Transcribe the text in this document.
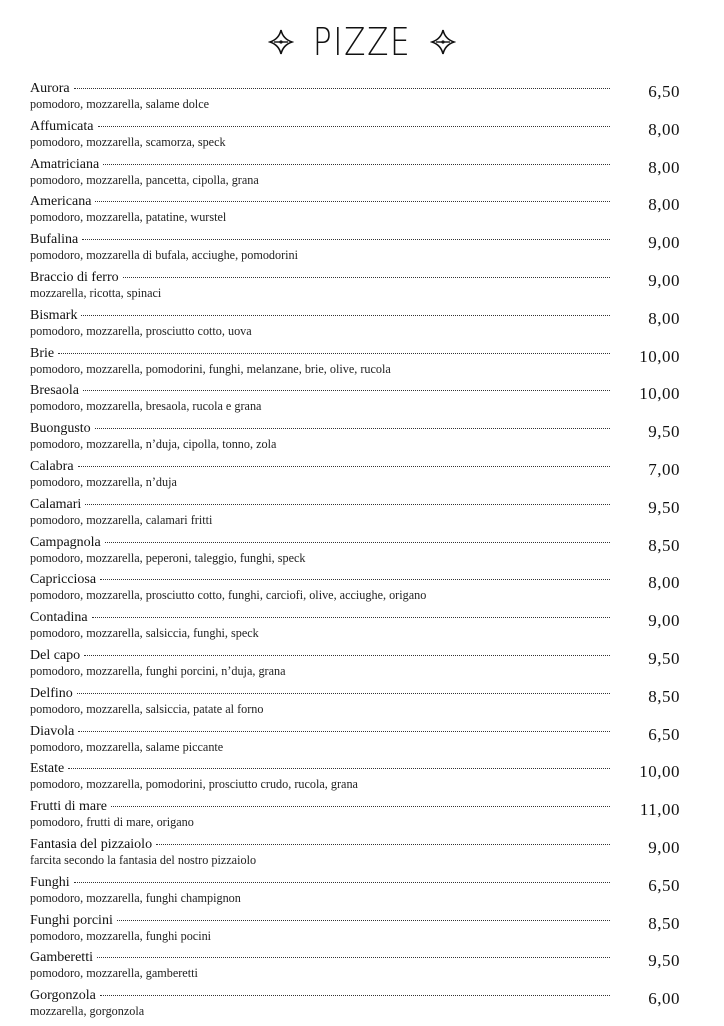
PIZZE
Aurora	6,50
pomodoro, mozzarella, salame dolce
Affumicata	8,00
pomodoro, mozzarella, scamorza, speck
Amatriciana	8,00
pomodoro, mozzarella, pancetta, cipolla, grana
Americana	8,00
pomodoro, mozzarella, patatine, wurstel
Bufalina	9,00
pomodoro, mozzarella di bufala, acciughe, pomodorini
Braccio di ferro	9,00
mozzarella, ricotta, spinaci
Bismark	8,00
pomodoro, mozzarella, prosciutto cotto, uova
Brie	10,00
pomodoro, mozzarella, pomodorini, funghi, melanzane, brie, olive, rucola
Bresaola	10,00
pomodoro, mozzarella, bresaola, rucola e grana
Buongusto	9,50
pomodoro, mozzarella, n’duja, cipolla, tonno, zola
Calabra	7,00
pomodoro, mozzarella, n’duja
Calamari	9,50
pomodoro, mozzarella, calamari fritti
Campagnola	8,50
pomodoro, mozzarella, peperoni, taleggio, funghi, speck
Capricciosa	8,00
pomodoro, mozzarella, prosciutto cotto, funghi, carciofi, olive, acciughe, origano
Contadina	9,00
pomodoro, mozzarella, salsiccia, funghi, speck
Del capo	9,50
pomodoro, mozzarella, funghi porcini, n’duja, grana
Delfino	8,50
pomodoro, mozzarella, salsiccia, patate al forno
Diavola	6,50
pomodoro, mozzarella, salame piccante
Estate	10,00
pomodoro, mozzarella, pomodorini, prosciutto crudo, rucola, grana
Frutti di mare	11,00
pomodoro, frutti di mare, origano
Fantasia del pizzaiolo	9,00
farcita secondo la fantasia del nostro pizzaiolo
Funghi	6,50
pomodoro, mozzarella, funghi champignon
Funghi porcini	8,50
pomodoro, mozzarella, funghi pocini
Gamberetti	9,50
pomodoro, mozzarella, gamberetti
Gorgonzola	6,00
mozzarella, gorgonzola
